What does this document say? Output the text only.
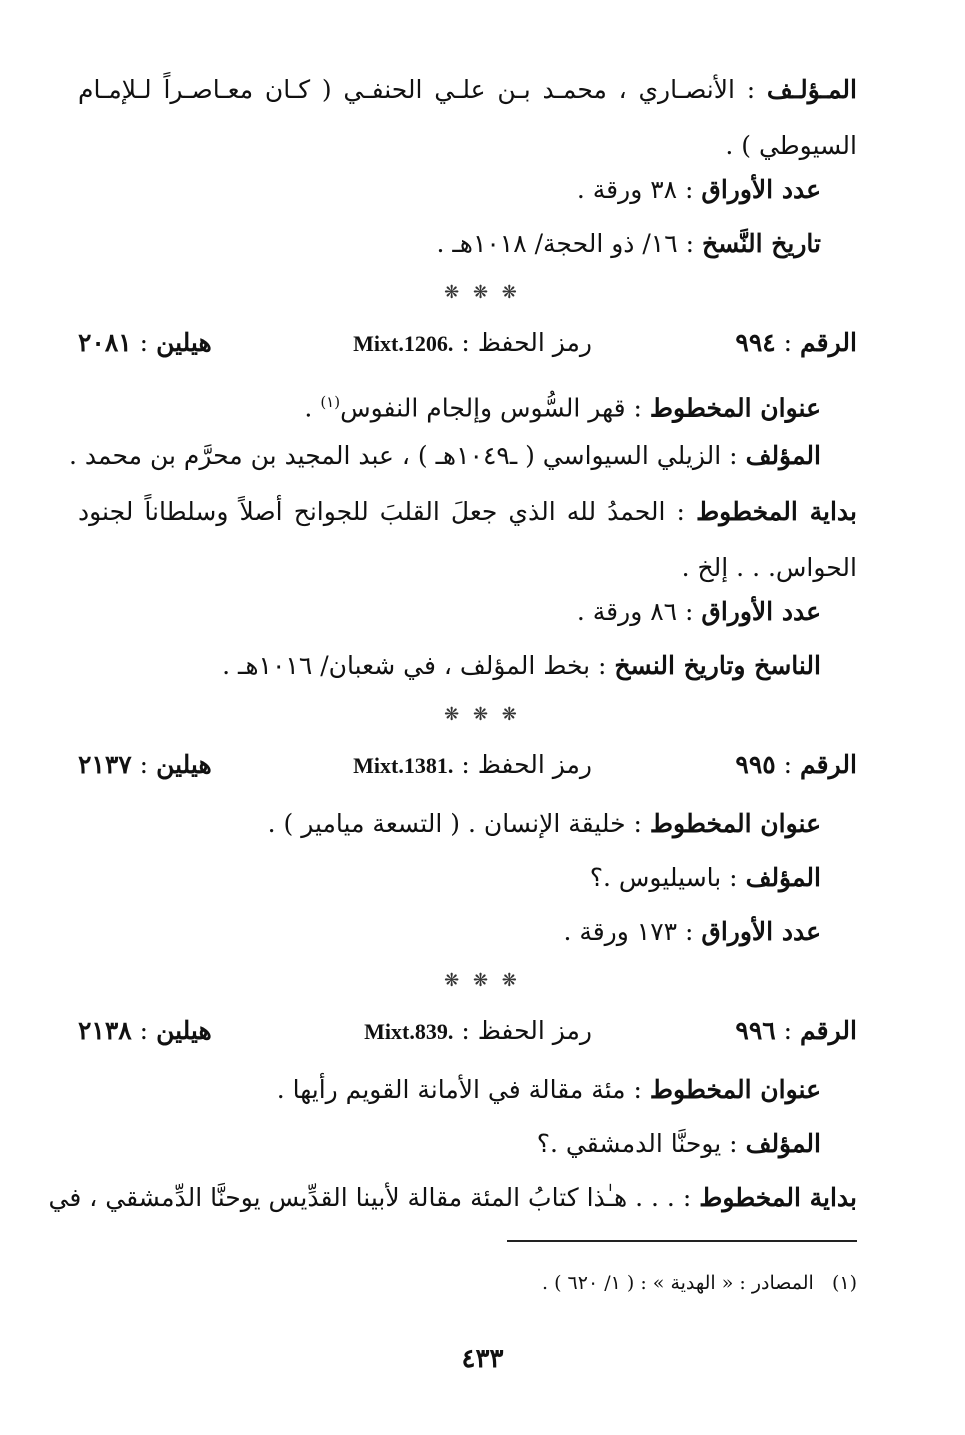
المـؤلـف : الأنصـاري ، محمـد بـن علـي الحنفـي ( كـان معـاصـراً لـلإمـام السيوطي ) .
عدد الأوراق : ٣٨ ورقة .
تاريخ النَّسخ : ١٦/ ذو الحجة/ ١٠١٨هـ .
❋ ❋ ❋
الرقم : ٩٩٤
رمز الحفظ : Mixt.1206.
هيلين : ٢٠٨١
عنوان المخطوط : قهر السُّوس وإلجام النفوس$^{(١)}$ .
المؤلف : الزيلي السيواسي ( ـ١٠٤٩هـ ) ، عبد المجيد بن محرَّم بن محمد .
بداية المخطوط : الحمدُ لله الذي جعلَ القلبَ للجوانح أصلاً وسلطاناً لجنود الحواس. . . إلخ .
عدد الأوراق : ٨٦ ورقة .
الناسخ وتاريخ النسخ : بخط المؤلف ، في شعبان/ ١٠١٦هـ .
❋ ❋ ❋
الرقم : ٩٩٥
رمز الحفظ : Mixt.1381.
هيلين : ٢١٣٧
عنوان المخطوط : خليقة الإنسان . ( التسعة ميامير ) .
المؤلف : باسيليوس .؟
عدد الأوراق : ١٧٣ ورقة .
❋ ❋ ❋
الرقم : ٩٩٦
رمز الحفظ : Mixt.839.
هيلين : ٢١٣٨
عنوان المخطوط : مئة مقالة في الأمانة القويم رأيها .
المؤلف : يوحنَّا الدمشقي .؟
بداية المخطوط : . . . هـٰذا كتابُ المئة مقالة لأبينا القدِّيس يوحنَّا الدِّمشقي ، في
(١)   المصادر : « الهدية » : ( ١/ ٦٢٠ ) .
٤٣٣
